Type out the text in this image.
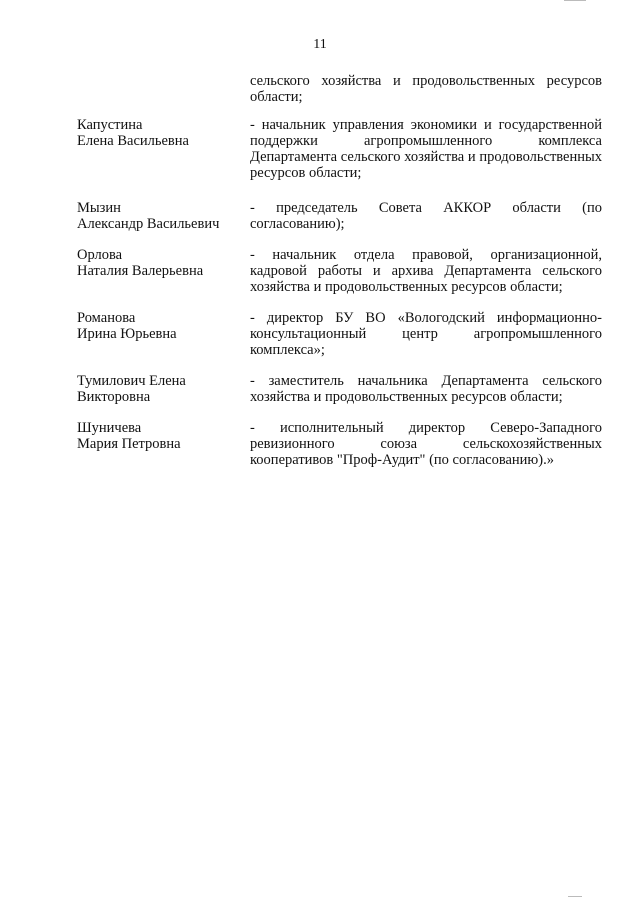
11
сельского хозяйства и продовольственных ресурсов области;
Капустина
Елена Васильевна
- начальник управления экономики и государственной поддержки агропромышленного комплекса Департамента сельского хозяйства и продовольственных ресурсов области;
Мызин
Александр Васильевич
- председатель Совета АККОР области (по согласованию);
Орлова
Наталия Валерьевна
- начальник отдела правовой, организационной, кадровой работы и архива Департамента сельского хозяйства и продовольственных ресурсов области;
Романова
Ирина Юрьевна
- директор БУ ВО «Вологодский информационно-консультационный центр агропромышленного комплекса»;
Тумилович Елена
Викторовна
- заместитель начальника Департамента сельского хозяйства и продовольственных ресурсов области;
Шуничева
Мария Петровна
- исполнительный директор Северо-Западного ревизионного союза сельскохозяйственных кооперативов "Проф-Аудит" (по согласованию).»
